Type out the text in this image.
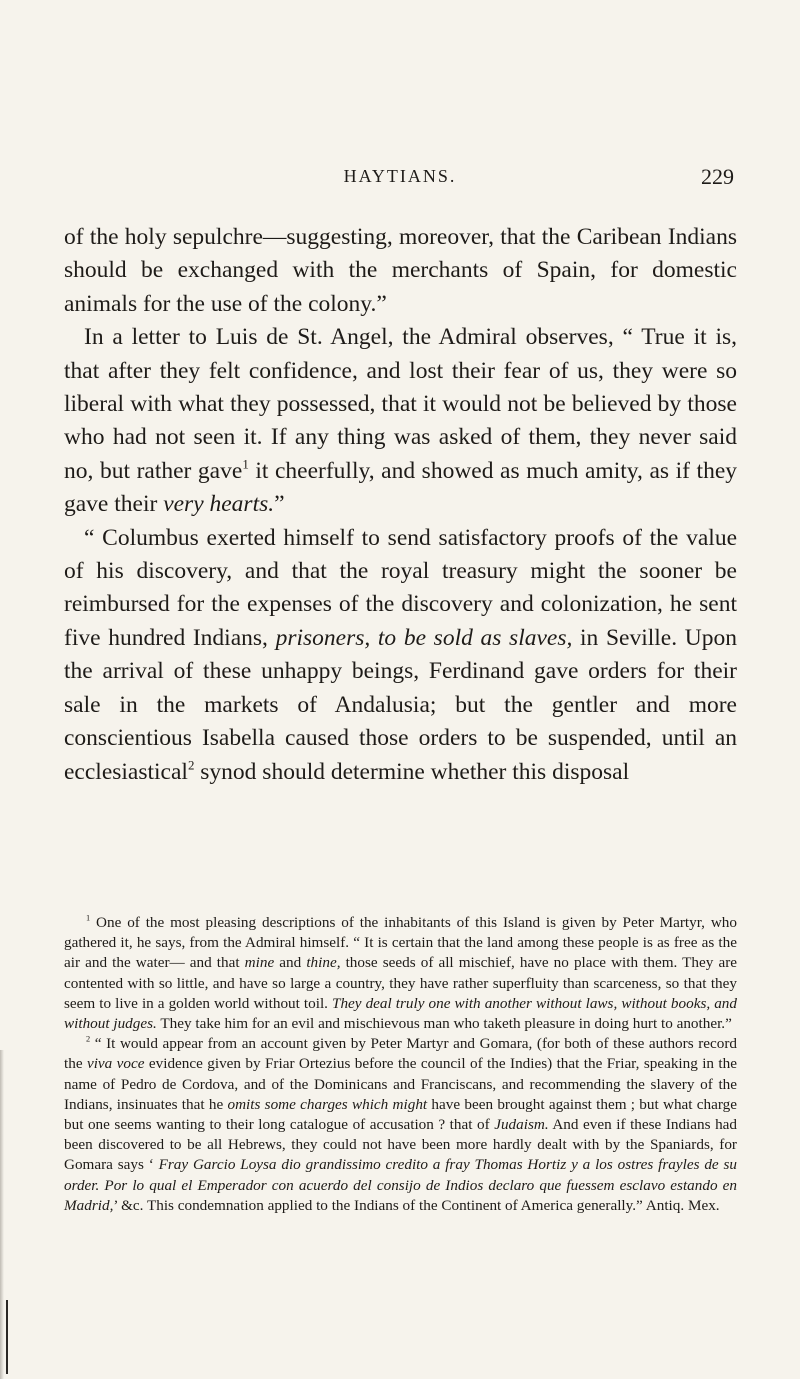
HAYTIANS.	229

of the holy sepulchre—suggesting, moreover, that the Caribean Indians should be exchanged with the merchants of Spain, for domestic animals for the use of the colony.”

In a letter to Luis de St. Angel, the Admiral observes, “ True it is, that after they felt confidence, and lost their fear of us, they were so liberal with what they possessed, that it would not be believed by those who had not seen it. If any thing was asked of them, they never said no, but rather gave$^1$ it cheerfully, and showed as much amity, as if they gave their very hearts.”

“ Columbus exerted himself to send satisfactory proofs of the value of his discovery, and that the royal treasury might the sooner be reimbursed for the expenses of the discovery and colonization, he sent five hundred Indians, prisoners, to be sold as slaves, in Seville. Upon the arrival of these unhappy beings, Ferdinand gave orders for their sale in the markets of Andalusia; but the gentler and more conscientious Isabella caused those orders to be suspended, until an ecclesiastical$^2$ synod should determine whether this disposal

$^1$ One of the most pleasing descriptions of the inhabitants of this Island is given by Peter Martyr, who gathered it, he says, from the Admiral himself. “ It is certain that the land among these people is as free as the air and the water— and that mine and thine, those seeds of all mischief, have no place with them. They are contented with so little, and have so large a country, they have rather superfluity than scarceness, so that they seem to live in a golden world without toil. They deal truly one with another without laws, without books, and without judges. They take him for an evil and mischievous man who taketh pleasure in doing hurt to another.”

$^2$ “ It would appear from an account given by Peter Martyr and Gomara, (for both of these authors record the viva voce evidence given by Friar Ortezius before the council of the Indies) that the Friar, speaking in the name of Pedro de Cordova, and of the Dominicans and Franciscans, and recommending the slavery of the Indians, insinuates that he omits some charges which might have been brought against them ; but what charge but one seems wanting to their long catalogue of accusation ? that of Judaism. And even if these Indians had been discovered to be all Hebrews, they could not have been more hardly dealt with by the Spaniards, for Gomara says ‘ Fray Garcio Loysa dio grandissimo credito a fray Thomas Hortiz y a los ostres frayles de su order. Por lo qual el Emperador con acuerdo del consijo de Indios declaro que fuessem esclavo estando en Madrid,’ &c. This condemnation applied to the Indians of the Continent of America generally.” Antiq. Mex.
